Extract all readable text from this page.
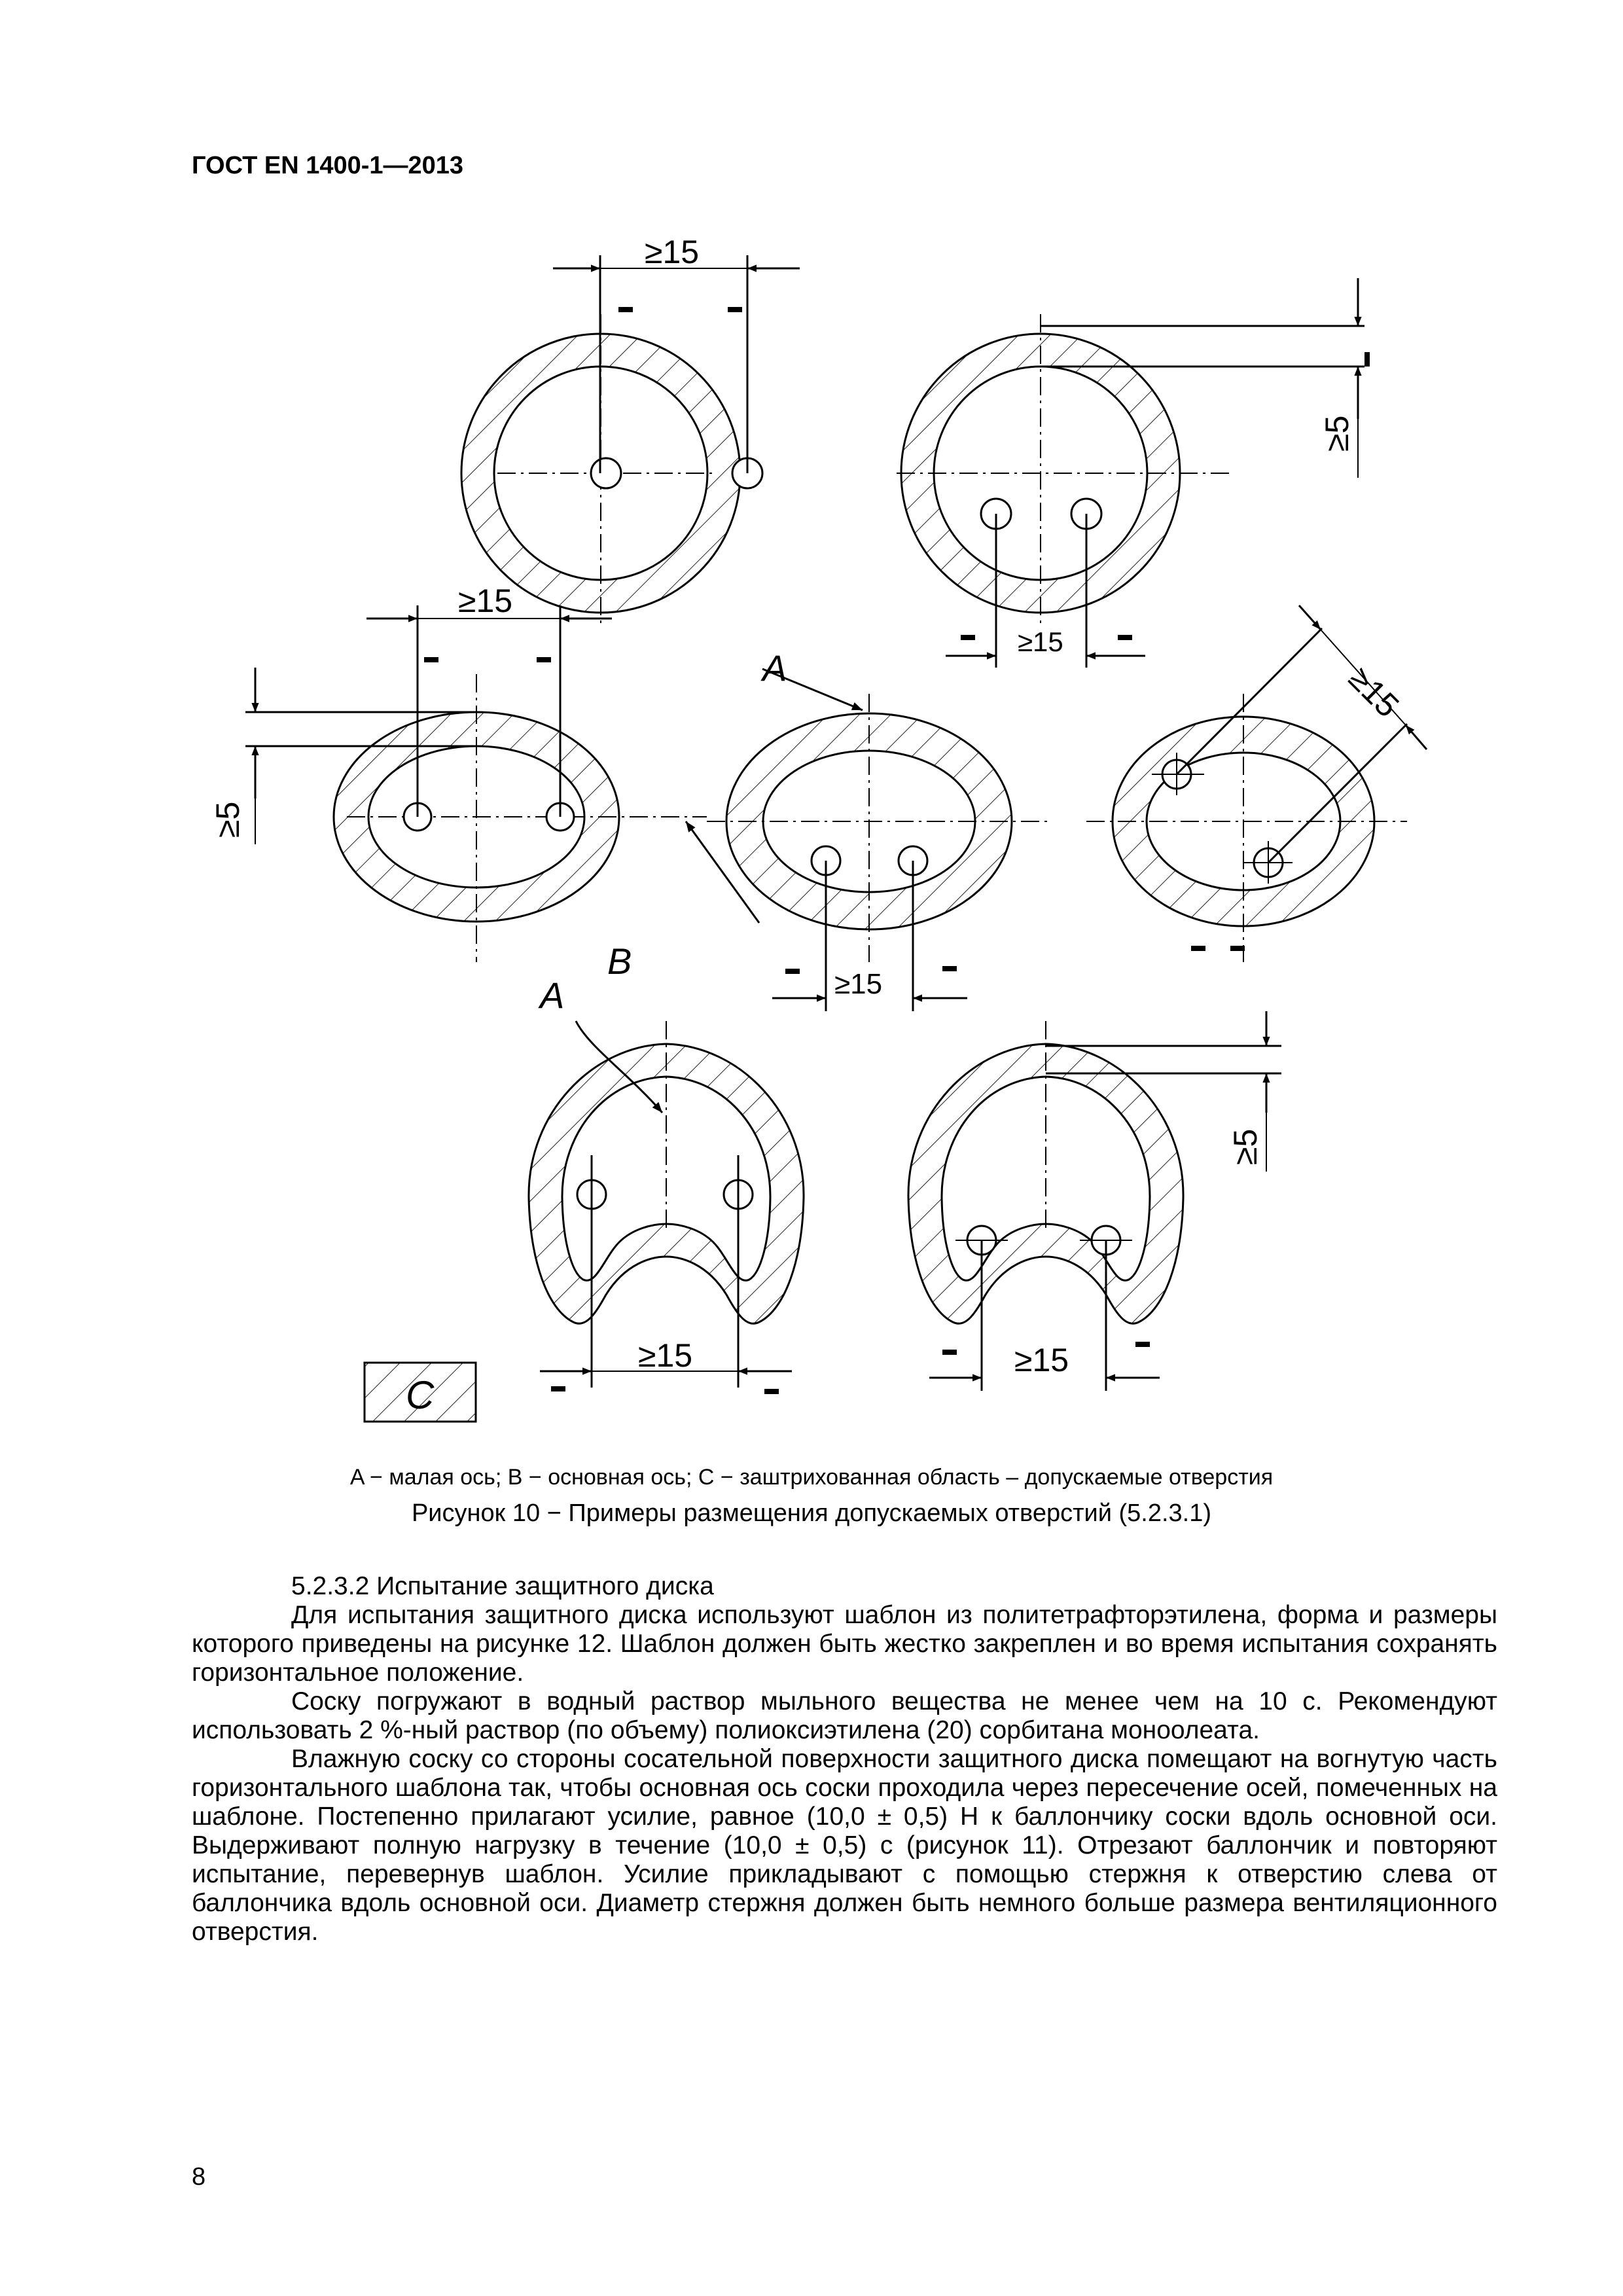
ГОСТ EN 1400-1—2013
≥15
≥15
≥15
≥15
≥15	≥15
≥15
≥5
≥5
≥5
A
A
B
C
A − малая ось; B − основная ось; C − заштрихованная область – допускаемые отверстия
Рисунок 10 − Примеры размещения допускаемых отверстий (5.2.3.1)
5.2.3.2 Испытание защитного диска

Для испытания защитного диска используют шаблон из политетрафторэтилена, форма и размеры которого приведены на рисунке 12. Шаблон должен быть жестко закреплен и во время испытания сохранять горизонтальное положение.

Соску погружают в водный раствор мыльного вещества не менее чем на 10 с. Рекомендуют использовать 2 %-ный раствор (по объему) полиоксиэтилена (20) сорбитана моноолеата.

Влажную соску со стороны сосательной поверхности защитного диска помещают на вогнутую часть горизонтального шаблона так, чтобы основная ось соски проходила через пересечение осей, помеченных на шаблоне. Постепенно прилагают усилие, равное (10,0 ± 0,5) Н к баллончику соски вдоль основной оси. Выдерживают полную нагрузку в течение (10,0 ± 0,5) с (рисунок 11). Отрезают баллончик и повторяют испытание, перевернув шаблон. Усилие прикладывают с помощью стержня к отверстию слева от баллончика вдоль основной оси. Диаметр стержня должен быть немного больше размера вентиляционного отверстия.

8
